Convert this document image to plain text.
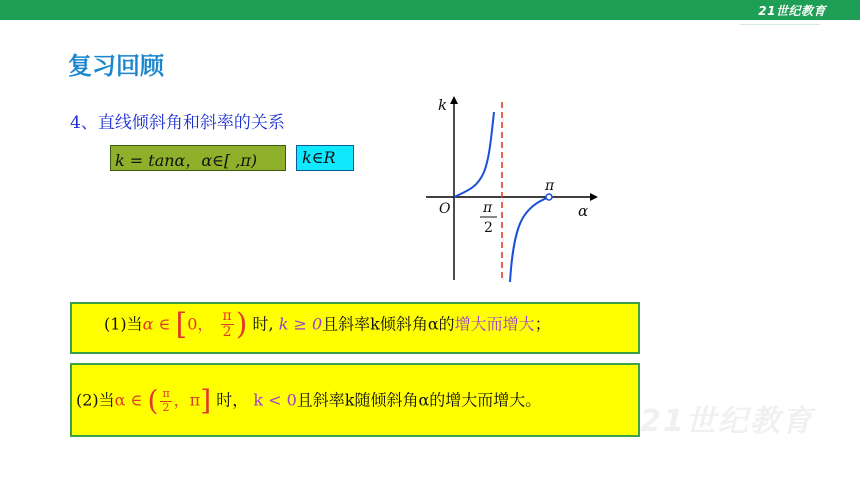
21世纪教育
复习回顾
4、直线倾斜角和斜率的关系
k = tanα，α∈[ ,π)	k∈R
k
O	α
π
π
2
(1)当α ∈ [0， $\frac{\pi}{2}$ ) 时, k ≥ 0且斜率k倾斜角α的增大而增大；
(2)当α ∈ ( $\frac{\pi}{2}$ ，π] 时， k < 0且斜率k随倾斜角α的增大而增大。
21世纪教育
